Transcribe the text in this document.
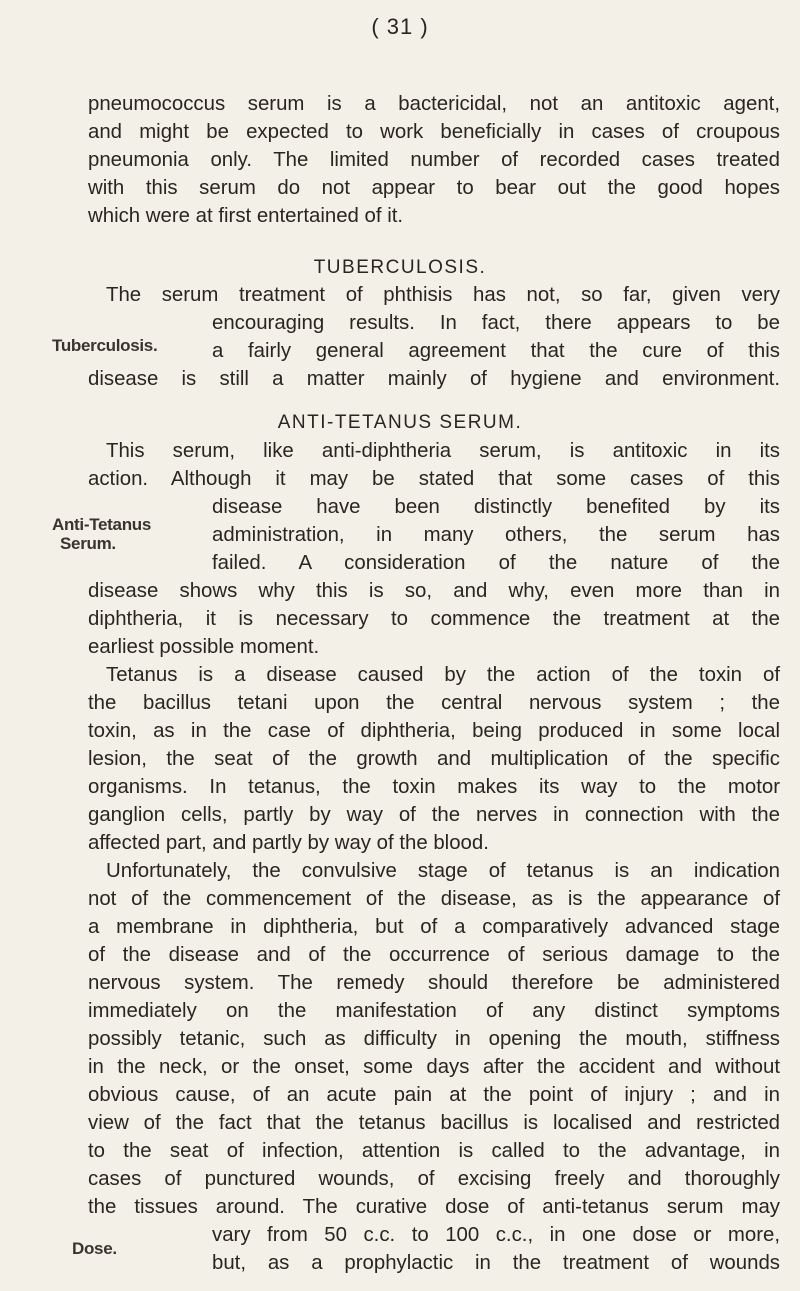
( 31 )
pneumococcus serum is a bactericidal, not an antitoxic agent,
and might be expected to work beneficially in cases of croupous
pneumonia only. The limited number of recorded cases treated
with this serum do not appear to bear out the good hopes
which were at first entertained of it.
TUBERCULOSIS.
The serum treatment of phthisis has not, so far, given very
encouraging results. In fact, there appears to be
Tuberculosis.	a fairly general agreement that the cure of this
disease is still a matter mainly of hygiene and environment.
ANTI-TETANUS SERUM.
This serum, like anti-diphtheria serum, is antitoxic in its
action. Although it may be stated that some cases of this
disease have been distinctly benefited by its
Anti-Tetanus	administration, in many others, the serum has
Serum.
failed. A consideration of the nature of the
disease shows why this is so, and why, even more than in
diphtheria, it is necessary to commence the treatment at the
earliest possible moment.
Tetanus is a disease caused by the action of the toxin of
the bacillus tetani upon the central nervous system ; the
toxin, as in the case of diphtheria, being produced in some local
lesion, the seat of the growth and multiplication of the specific
organisms. In tetanus, the toxin makes its way to the motor
ganglion cells, partly by way of the nerves in connection with the
affected part, and partly by way of the blood.
Unfortunately, the convulsive stage of tetanus is an indication
not of the commencement of the disease, as is the appearance of
a membrane in diphtheria, but of a comparatively advanced stage
of the disease and of the occurrence of serious damage to the
nervous system. The remedy should therefore be administered
immediately on the manifestation of any distinct symptoms
possibly tetanic, such as difficulty in opening the mouth, stiffness
in the neck, or the onset, some days after the accident and without
obvious cause, of an acute pain at the point of injury ; and in
view of the fact that the tetanus bacillus is localised and restricted
to the seat of infection, attention is called to the advantage, in
cases of punctured wounds, of excising freely and thoroughly
the tissues around. The curative dose of anti-tetanus serum may
vary from 50 c.c. to 100 c.c., in one dose or more,
Dose.
but, as a prophylactic in the treatment of wounds
